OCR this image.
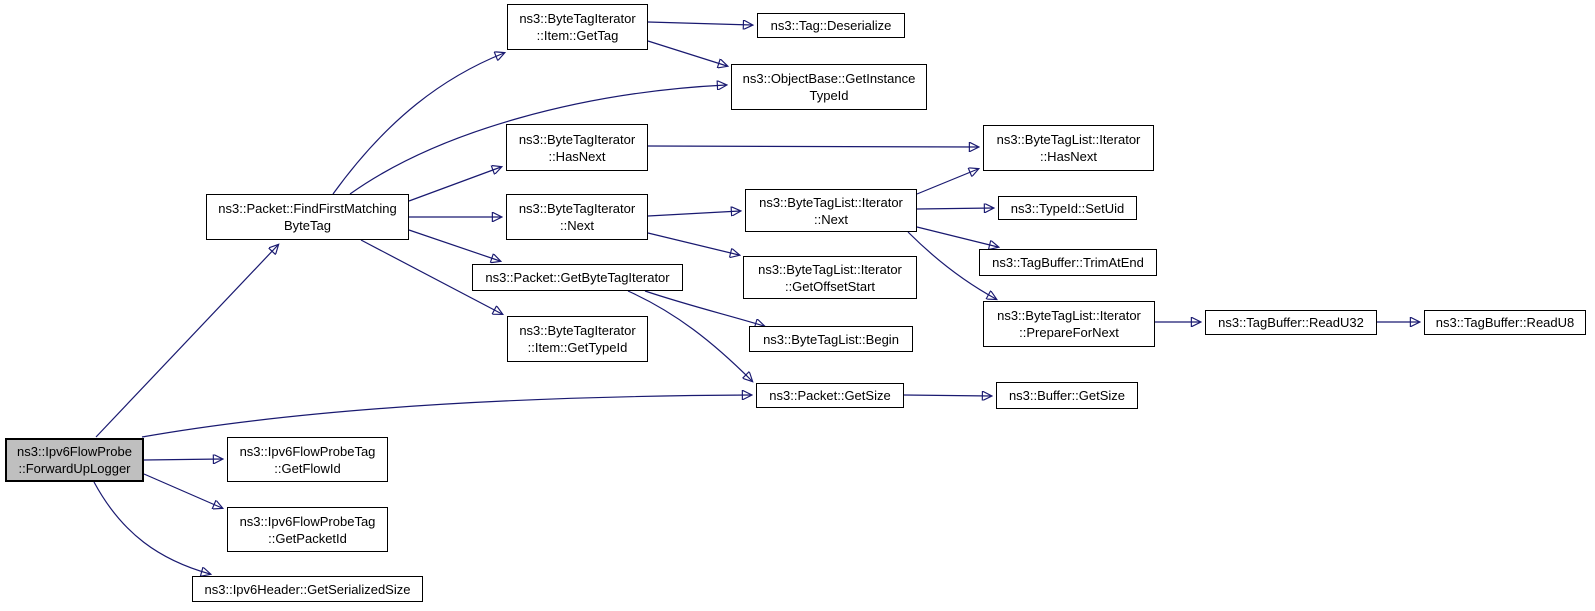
ns3::Ipv6FlowProbe
::ForwardUpLogger
ns3::Packet::FindFirstMatching
ByteTag
ns3::ByteTagIterator
::Item::GetTag
ns3::Tag::Deserialize
ns3::ObjectBase::GetInstance
TypeId
ns3::ByteTagIterator
::HasNext
ns3::ByteTagIterator
::Next
ns3::Packet::GetByteTagIterator
ns3::ByteTagIterator
::Item::GetTypeId
ns3::ByteTagList::Iterator
::Next
ns3::ByteTagList::Iterator
::GetOffsetStart
ns3::ByteTagList::Iterator
::HasNext
ns3::TypeId::SetUid
ns3::TagBuffer::TrimAtEnd
ns3::ByteTagList::Iterator
::PrepareForNext
ns3::TagBuffer::ReadU32	ns3::TagBuffer::ReadU8
ns3::ByteTagList::Begin
ns3::Packet::GetSize	ns3::Buffer::GetSize
ns3::Ipv6FlowProbeTag
::GetFlowId
ns3::Ipv6FlowProbeTag
::GetPacketId
ns3::Ipv6Header::GetSerializedSize
